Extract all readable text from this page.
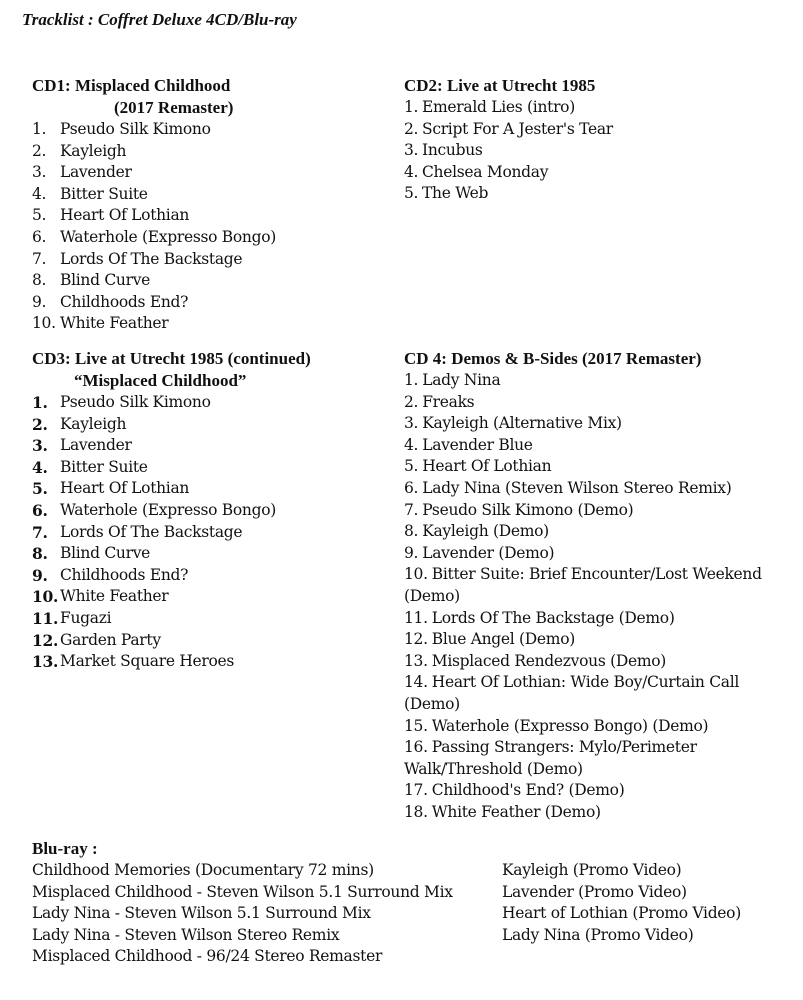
Tracklist : Coffret Deluxe 4CD/Blu-ray
CD1: Misplaced Childhood
(2017 Remaster)
1. Pseudo Silk Kimono
2. Kayleigh
3. Lavender
4. Bitter Suite
5. Heart Of Lothian
6. Waterhole (Expresso Bongo)
7. Lords Of The Backstage
8. Blind Curve
9. Childhoods End?
10. White Feather
CD2: Live at Utrecht 1985
1. Emerald Lies (intro)
2. Script For A Jester's Tear
3. Incubus
4. Chelsea Monday
5. The Web
CD3: Live at Utrecht 1985 (continued)
“Misplaced Childhood”
1. Pseudo Silk Kimono
2. Kayleigh
3. Lavender
4. Bitter Suite
5. Heart Of Lothian
6. Waterhole (Expresso Bongo)
7. Lords Of The Backstage
8. Blind Curve
9. Childhoods End?
10. White Feather
11. Fugazi
12. Garden Party
13. Market Square Heroes
CD 4: Demos & B-Sides (2017 Remaster)
1. Lady Nina
2. Freaks
3. Kayleigh (Alternative Mix)
4. Lavender Blue
5. Heart Of Lothian
6. Lady Nina (Steven Wilson Stereo Remix)
7. Pseudo Silk Kimono (Demo)
8. Kayleigh (Demo)
9. Lavender (Demo)
10. Bitter Suite: Brief Encounter/Lost Weekend (Demo)
11. Lords Of The Backstage (Demo)
12. Blue Angel (Demo)
13. Misplaced Rendezvous (Demo)
14. Heart Of Lothian: Wide Boy/Curtain Call (Demo)
15. Waterhole (Expresso Bongo) (Demo)
16. Passing Strangers: Mylo/Perimeter Walk/Threshold (Demo)
17. Childhood's End? (Demo)
18. White Feather (Demo)
Blu-ray :
Childhood Memories (Documentary 72 mins)
Misplaced Childhood - Steven Wilson 5.1 Surround Mix
Lady Nina - Steven Wilson 5.1 Surround Mix
Lady Nina - Steven Wilson Stereo Remix
Misplaced Childhood - 96/24 Stereo Remaster
Kayleigh (Promo Video)
Lavender (Promo Video)
Heart of Lothian (Promo Video)
Lady Nina (Promo Video)
